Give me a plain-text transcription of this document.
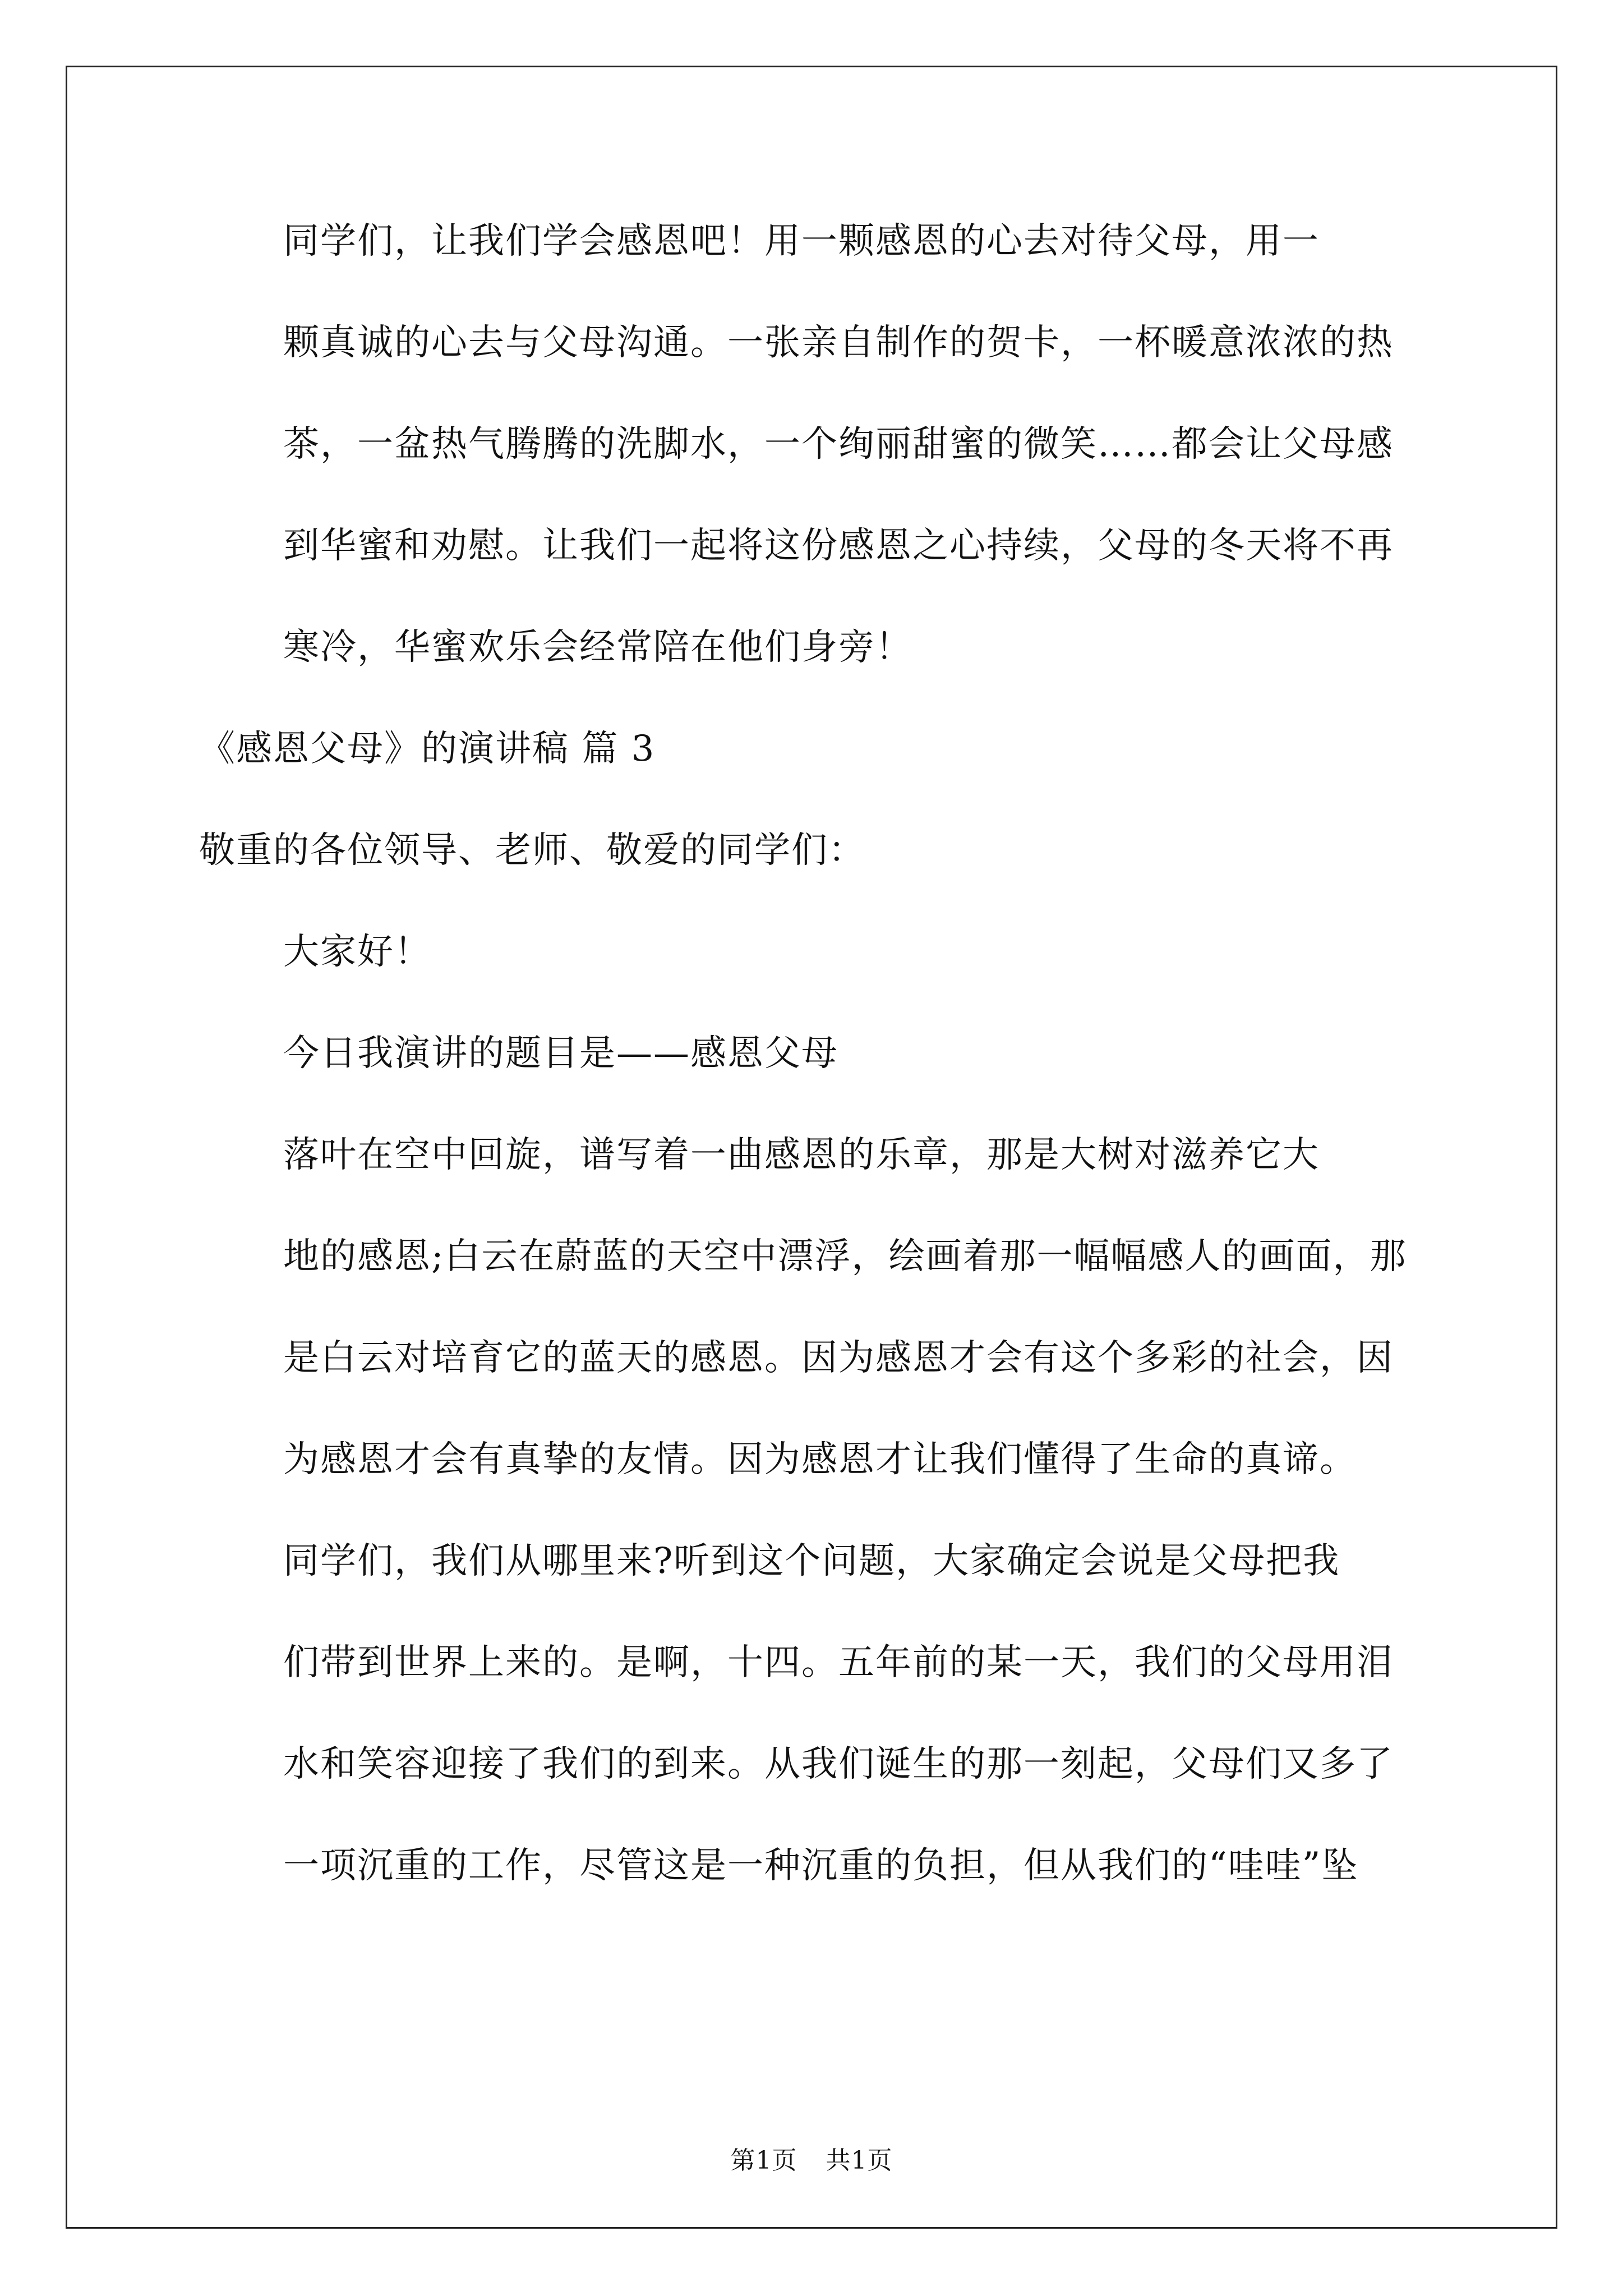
同学们，让我们学会感恩吧！用一颗感恩的心去对待父母，用一
颗真诚的心去与父母沟通。一张亲自制作的贺卡，一杯暖意浓浓的热
茶，一盆热气腾腾的洗脚水，一个绚丽甜蜜的微笑……都会让父母感
到华蜜和劝慰。让我们一起将这份感恩之心持续，父母的冬天将不再
寒冷，华蜜欢乐会经常陪在他们身旁！

《感恩父母》的演讲稿 篇 3

敬重的各位领导、老师、敬爱的同学们：

大家好！

今日我演讲的题目是——感恩父母

落叶在空中回旋，谱写着一曲感恩的乐章，那是大树对滋养它大
地的感恩;白云在蔚蓝的天空中漂浮，绘画着那一幅幅感人的画面，那
是白云对培育它的蓝天的感恩。因为感恩才会有这个多彩的社会，因
为感恩才会有真挚的友情。因为感恩才让我们懂得了生命的真谛。

同学们，我们从哪里来?听到这个问题，大家确定会说是父母把我
们带到世界上来的。是啊，十四。五年前的某一天，我们的父母用泪
水和笑容迎接了我们的到来。从我们诞生的那一刻起，父母们又多了
一项沉重的工作，尽管这是一种沉重的负担，但从我们的“哇哇”坠

第1页 共1页
